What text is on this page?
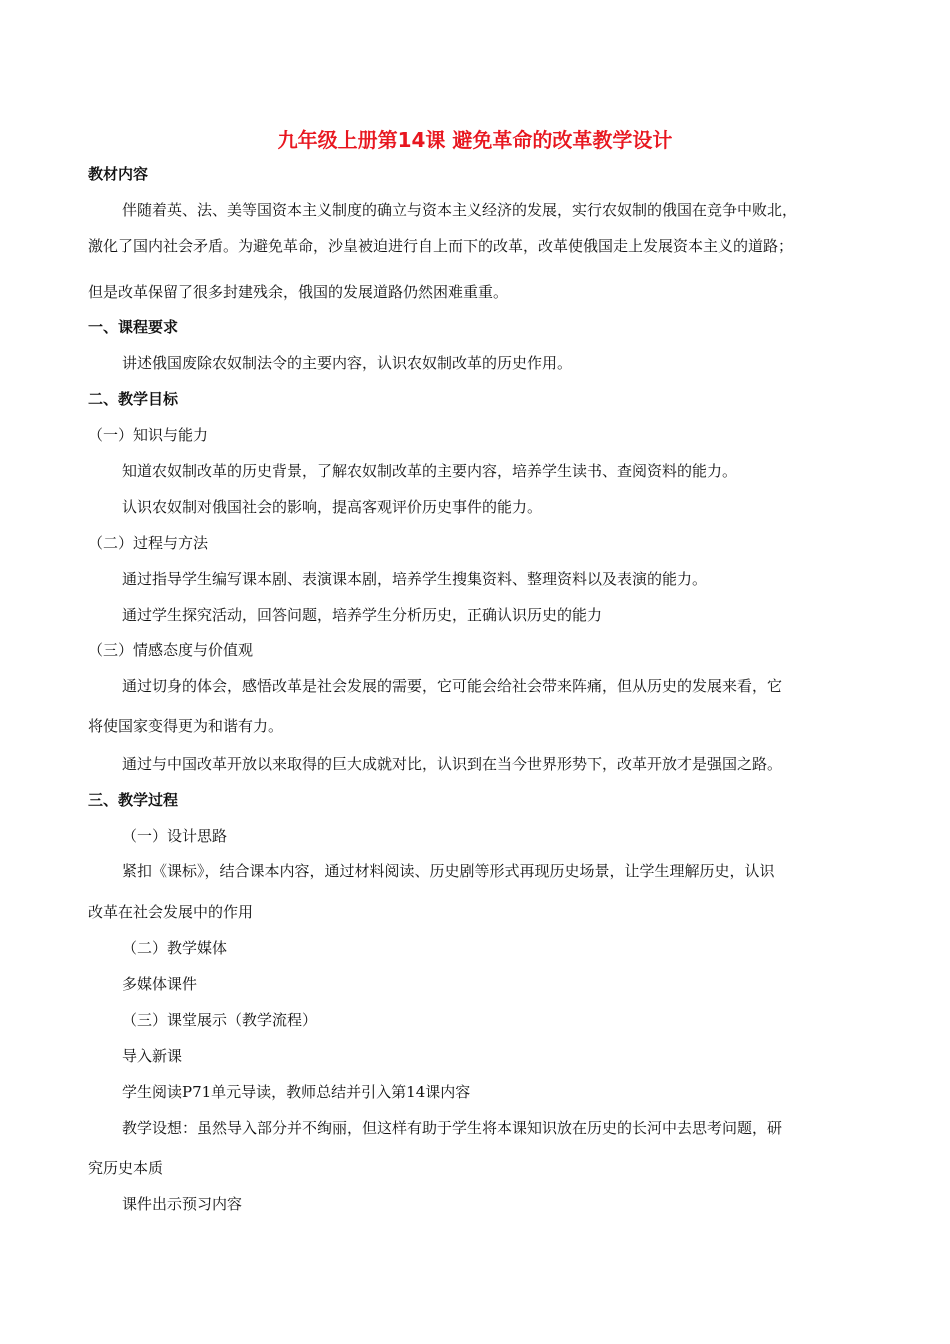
九年级上册第14课 避免革命的改革教学设计
教材内容
伴随着英、法、美等国资本主义制度的确立与资本主义经济的发展，实行农奴制的俄国在竞争中败北，
激化了国内社会矛盾。为避免革命，沙皇被迫进行自上而下的改革，改革使俄国走上发展资本主义的道路；
但是改革保留了很多封建残余，俄国的发展道路仍然困难重重。
一、课程要求
讲述俄国废除农奴制法令的主要内容，认识农奴制改革的历史作用。
二、教学目标
（一）知识与能力
知道农奴制改革的历史背景，了解农奴制改革的主要内容，培养学生读书、查阅资料的能力。
认识农奴制对俄国社会的影响，提高客观评价历史事件的能力。
（二）过程与方法
通过指导学生编写课本剧、表演课本剧，培养学生搜集资料、整理资料以及表演的能力。
通过学生探究活动，回答问题，培养学生分析历史，正确认识历史的能力
（三）情感态度与价值观
通过切身的体会，感悟改革是社会发展的需要，它可能会给社会带来阵痛，但从历史的发展来看，它
将使国家变得更为和谐有力。
通过与中国改革开放以来取得的巨大成就对比，认识到在当今世界形势下，改革开放才是强国之路。
三、教学过程
（一）设计思路
紧扣《课标》，结合课本内容，通过材料阅读、历史剧等形式再现历史场景，让学生理解历史，认识
改革在社会发展中的作用
（二）教学媒体
多媒体课件
（三）课堂展示（教学流程）
导入新课
学生阅读P71单元导读，教师总结并引入第14课内容
教学设想：虽然导入部分并不绚丽，但这样有助于学生将本课知识放在历史的长河中去思考问题，研
究历史本质
课件出示预习内容
